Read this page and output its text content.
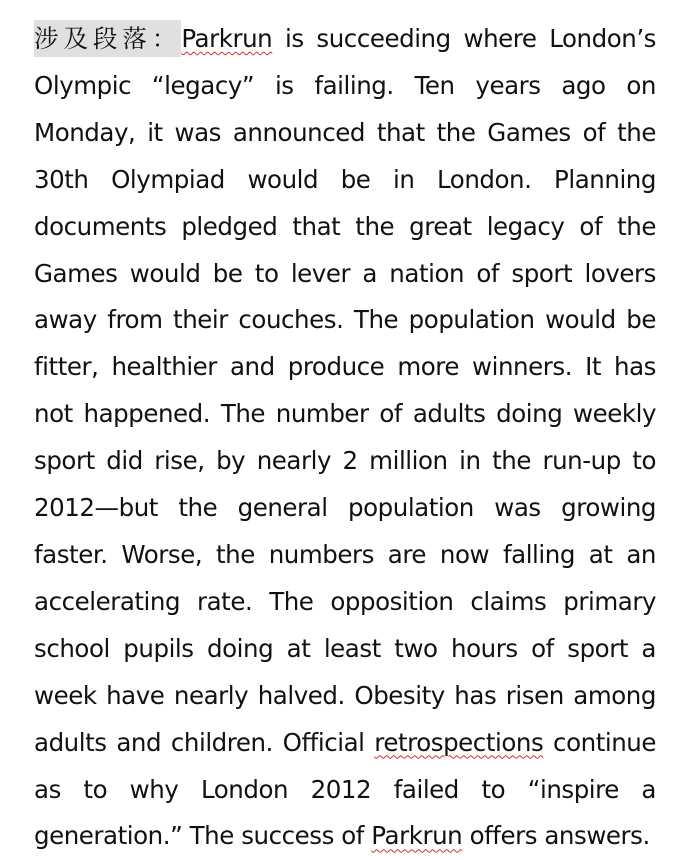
涉及段落：Parkrun is succeeding where London’s Olympic “legacy” is failing. Ten years ago on Monday, it was announced that the Games of the 30th Olympiad would be in London. Planning documents pledged that the great legacy of the Games would be to lever a nation of sport lovers away from their couches. The population would be fitter, healthier and produce more winners. It has not happened. The number of adults doing weekly sport did rise, by nearly 2 million in the run-up to 2012—but the general population was growing faster. Worse, the numbers are now falling at an accelerating rate. The opposition claims primary school pupils doing at least two hours of sport a week have nearly halved. Obesity has risen among adults and children. Official retrospections continue as to why London 2012 failed to “inspire a generation.” The success of Parkrun offers answers.
